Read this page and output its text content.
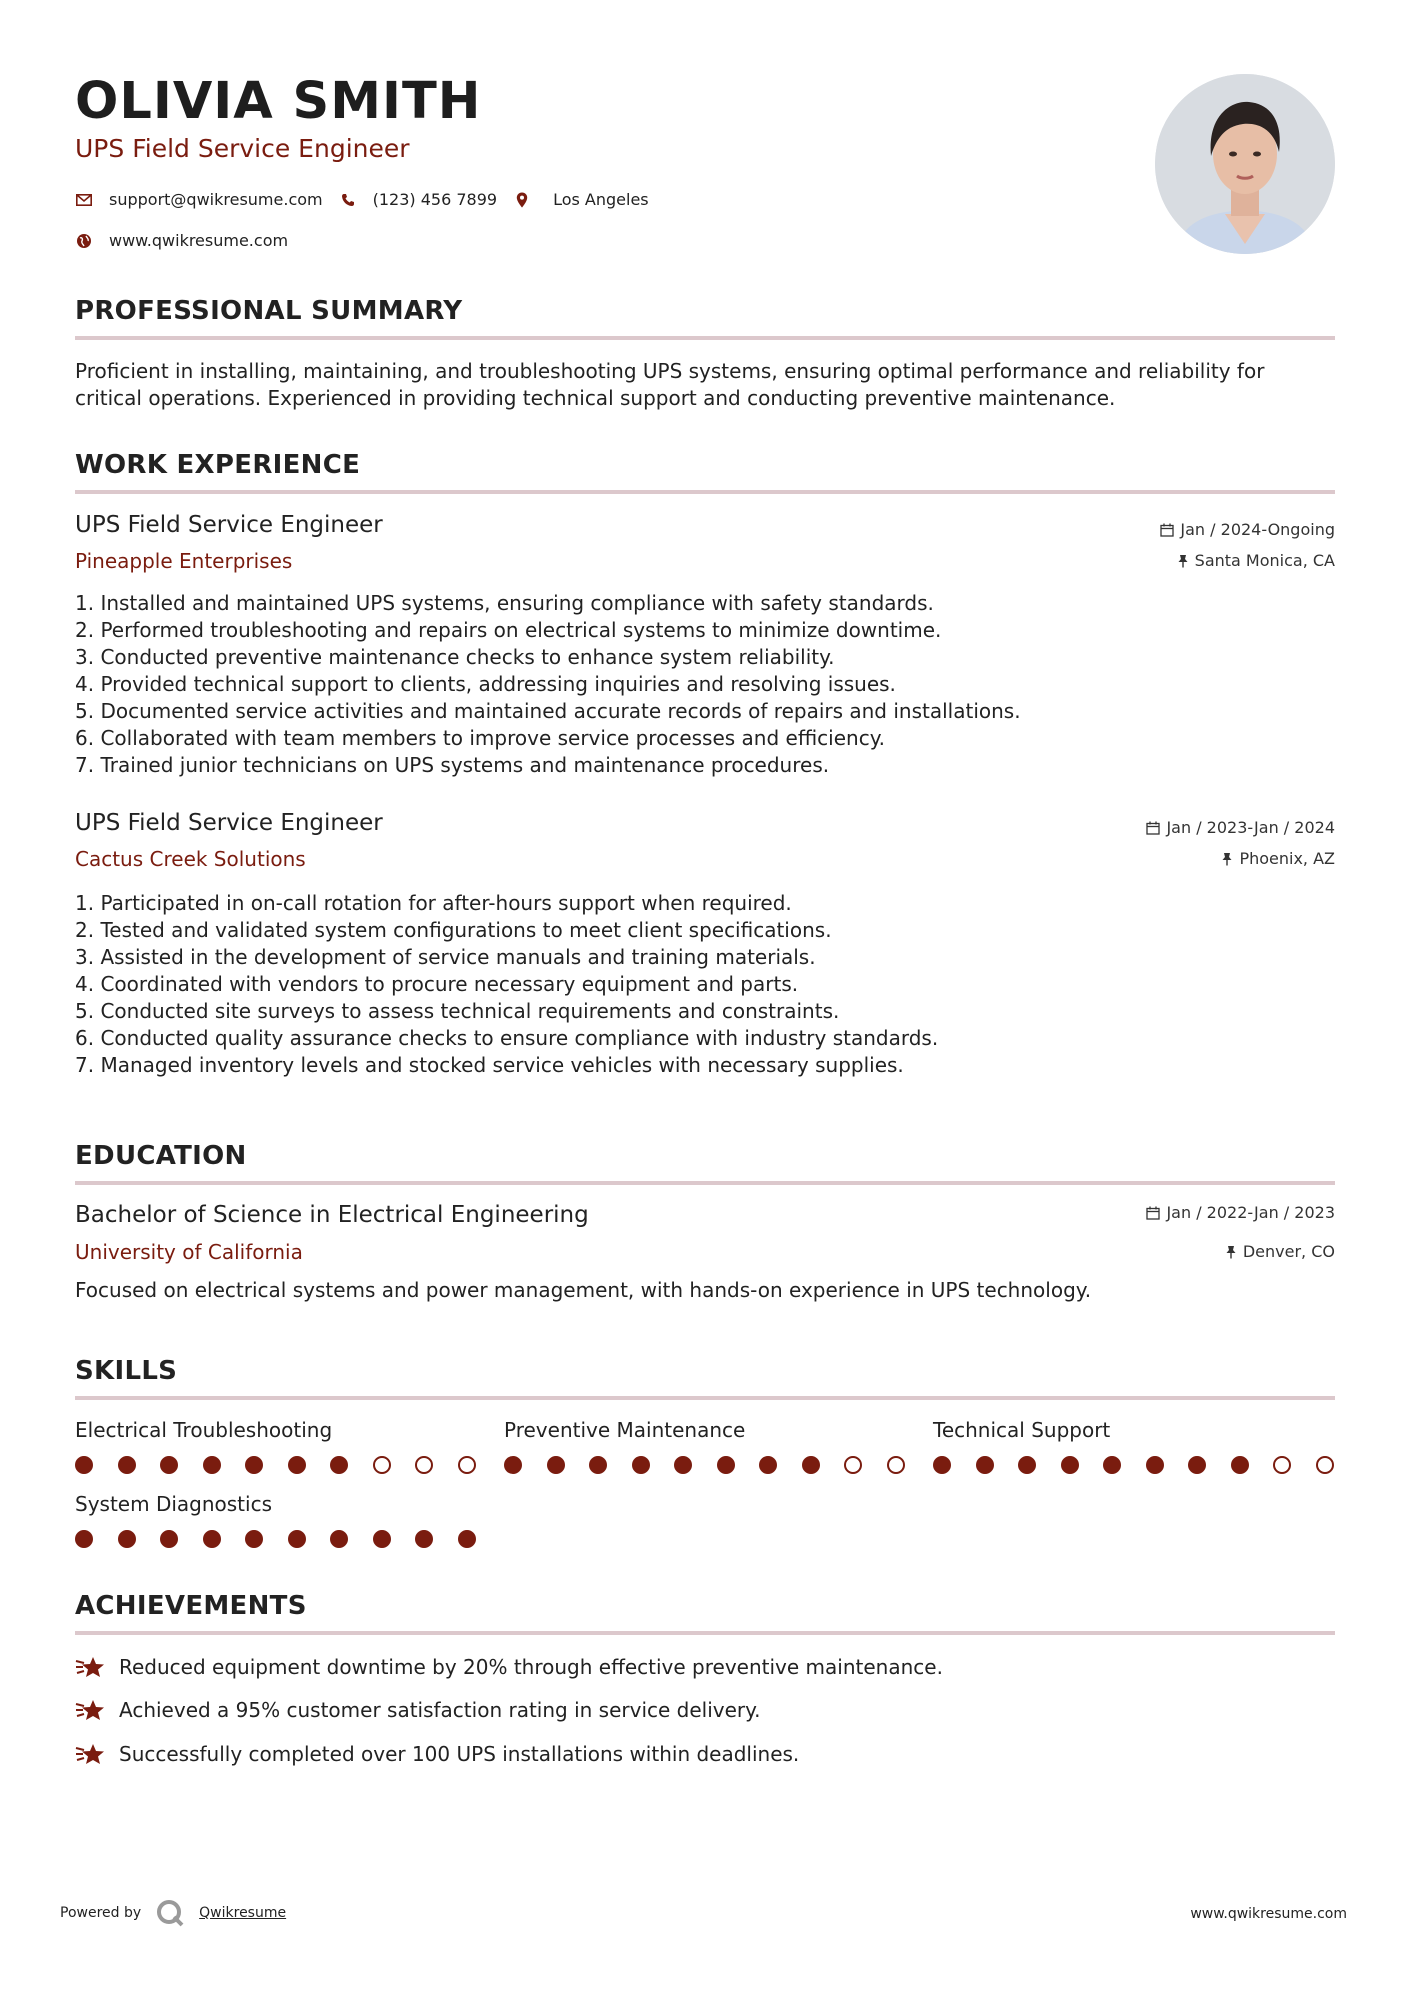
OLIVIA SMITH
UPS Field Service Engineer
support@qwikresume.com	(123) 456 7899	Los Angeles
www.qwikresume.com
PROFESSIONAL SUMMARY
Proficient in installing, maintaining, and troubleshooting UPS systems, ensuring optimal performance and reliability for critical operations. Experienced in providing technical support and conducting preventive maintenance.
WORK EXPERIENCE
UPS Field Service Engineer
Pineapple Enterprises
Jan / 2024-Ongoing
Santa Monica, CA
1. Installed and maintained UPS systems, ensuring compliance with safety standards.
2. Performed troubleshooting and repairs on electrical systems to minimize downtime.
3. Conducted preventive maintenance checks to enhance system reliability.
4. Provided technical support to clients, addressing inquiries and resolving issues.
5. Documented service activities and maintained accurate records of repairs and installations.
6. Collaborated with team members to improve service processes and efficiency.
7. Trained junior technicians on UPS systems and maintenance procedures.
UPS Field Service Engineer
Cactus Creek Solutions
Jan / 2023-Jan / 2024
Phoenix, AZ
1. Participated in on-call rotation for after-hours support when required.
2. Tested and validated system configurations to meet client specifications.
3. Assisted in the development of service manuals and training materials.
4. Coordinated with vendors to procure necessary equipment and parts.
5. Conducted site surveys to assess technical requirements and constraints.
6. Conducted quality assurance checks to ensure compliance with industry standards.
7. Managed inventory levels and stocked service vehicles with necessary supplies.
EDUCATION
Bachelor of Science in Electrical Engineering
University of California
Jan / 2022-Jan / 2023
Denver, CO
Focused on electrical systems and power management, with hands-on experience in UPS technology.
SKILLS
Electrical Troubleshooting	Preventive Maintenance	Technical Support
System Diagnostics
ACHIEVEMENTS
Reduced equipment downtime by 20% through effective preventive maintenance.
Achieved a 95% customer satisfaction rating in service delivery.
Successfully completed over 100 UPS installations within deadlines.
Powered by	Qwikresume	www.qwikresume.com
